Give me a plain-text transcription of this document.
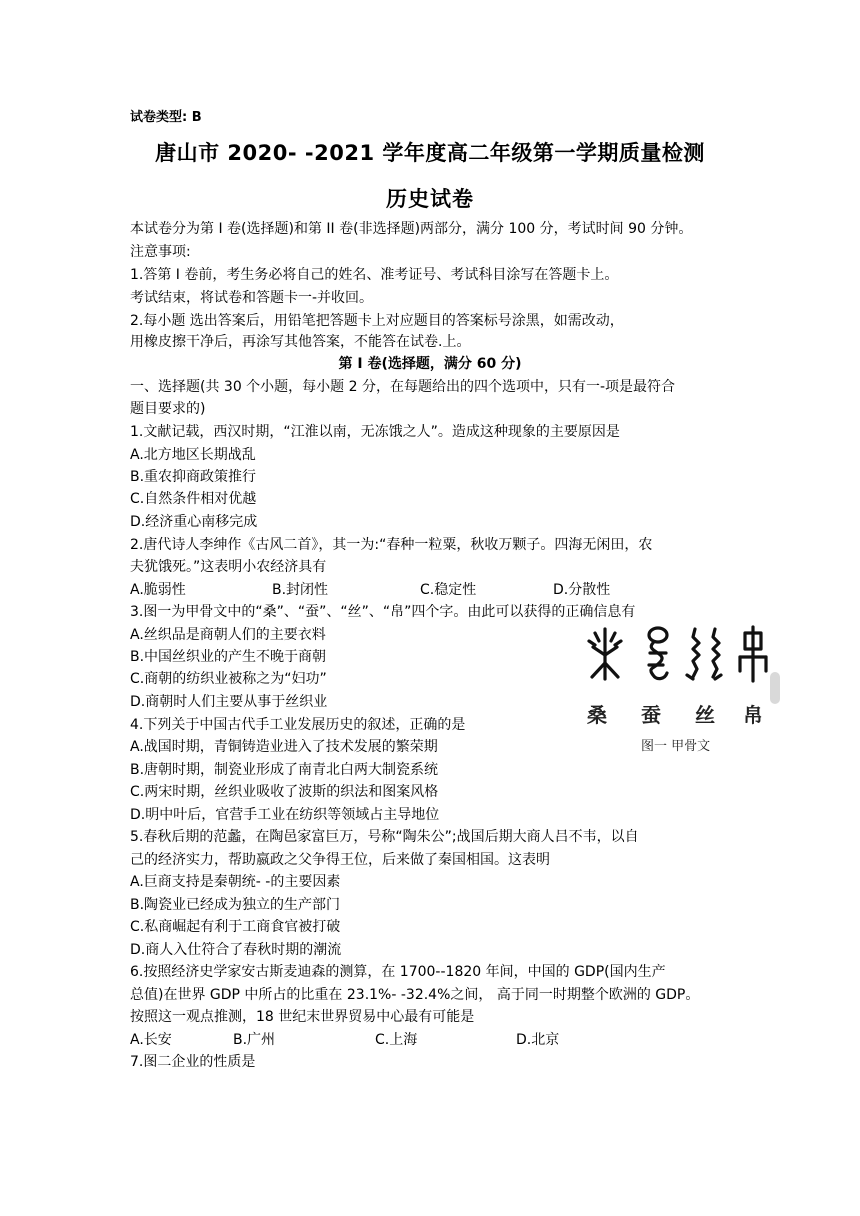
试卷类型: B
唐山市 2020- -2021 学年度高二年级第一学期质量检测
历史试卷
本试卷分为第 I 卷(选择题)和第 II 卷(非选择题)两部分，满分 100 分，考试时间 90 分钟。
注意事项:
1.答第 I 卷前，考生务必将自己的姓名、准考证号、考试科目涂写在答题卡上。
考试结束，将试卷和答题卡一-并收回。
2.每小题 选出答案后，用铅笔把答题卡上对应题目的答案标号涂黑，如需改动，
用橡皮擦干净后，再涂写其他答案，不能答在试卷.上。
第 I 卷(选择题，满分 60 分)
一、选择题(共 30 个小题，每小题 2 分，在每题给出的四个选项中，只有一-项是最符合
题目要求的)
1.文献记载，西汉时期，“江淮以南，无冻饿之人”。造成这种现象的主要原因是
A.北方地区长期战乱
B.重农抑商政策推行
C.自然条件相对优越
D.经济重心南移完成
2.唐代诗人李绅作《古风二首》，其一为:“春种一粒粟，秋收万颗子。四海无闲田，农
夫犹饿死。”这表明小农经济具有
A.脆弱性	B.封闭性	C.稳定性	D.分散性
3.图一为甲骨文中的“桑”、“蚕”、“丝”、“帛”四个字。由此可以获得的正确信息有
A.丝织品是商朝人们的主要衣料
B.中国丝织业的产生不晚于商朝
C.商朝的纺织业被称之为“妇功”
D.商朝时人们主要从事于丝织业
4.下列关于中国古代手工业发展历史的叙述，正确的是
A.战国时期，青铜铸造业进入了技术发展的繁荣期
B.唐朝时期，制瓷业形成了南青北白两大制瓷系统
C.两宋时期，丝织业吸收了波斯的织法和图案风格
D.明中叶后，官营手工业在纺织等领域占主导地位
5.春秋后期的范蠡，在陶邑家富巨万，号称“陶朱公”;战国后期大商人吕不韦，以自
己的经济实力，帮助嬴政之父争得王位，后来做了秦国相国。这表明
A.巨商支持是秦朝统- -的主要因素
B.陶瓷业已经成为独立的生产部门
C.私商崛起有利于工商食官被打破
D.商人入仕符合了春秋时期的潮流
6.按照经济史学家安古斯麦迪森的测算，在 1700--1820 年间，中国的 GDP(国内生产
总值)在世界 GDP 中所占的比重在 23.1%- -32.4%之间， 高于同一时期整个欧洲的 GDP。
按照这一观点推测，18 世纪末世界贸易中心最有可能是
A.长安	B.广州	C.上海	D.北京
7.图二企业的性质是
桑 蚕 丝 帛
图一 甲骨文
